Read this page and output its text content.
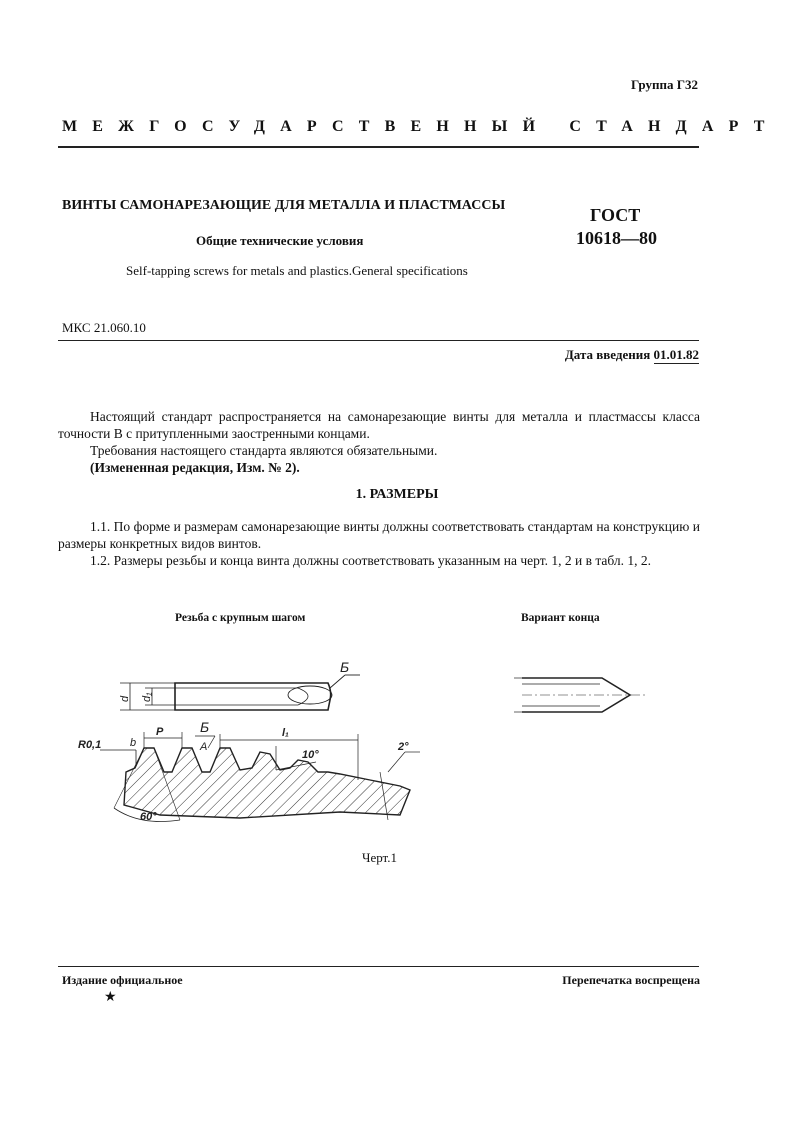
Группа Г32
МЕЖГОСУДАРСТВЕННЫЙ СТАНДАРТ
ВИНТЫ САМОНАРЕЗАЮЩИЕ ДЛЯ МЕТАЛЛА И ПЛАСТМАССЫ	ГОСТ
10618—80
Общие технические условия
Self-tapping screws for metals and plastics.General specifications
МКС 21.060.10
Дата введения 01.01.82

Настоящий стандарт распространяется на самонарезающие винты для металла и пластмассы класса точности В с притупленными заостренными концами.

Требования настоящего стандарта являются обязательными.

(Измененная редакция, Изм. № 2).

1. РАЗМЕРЫ

1.1. По форме и размерам самонарезающие винты должны соответствовать стандартам на конструкцию и размеры конкретных видов винтов.

1.2. Размеры резьбы и конца винта должны соответствовать указанным на черт. 1, 2 и в табл. 1, 2.

Резьба с крупным шагом	Вариант конца
Б
d d₁
R0,1	b
P	Б
A
l₁
10°
2°
60°
Черт.1
Издание официальное	Перепечатка воспрещена
★
